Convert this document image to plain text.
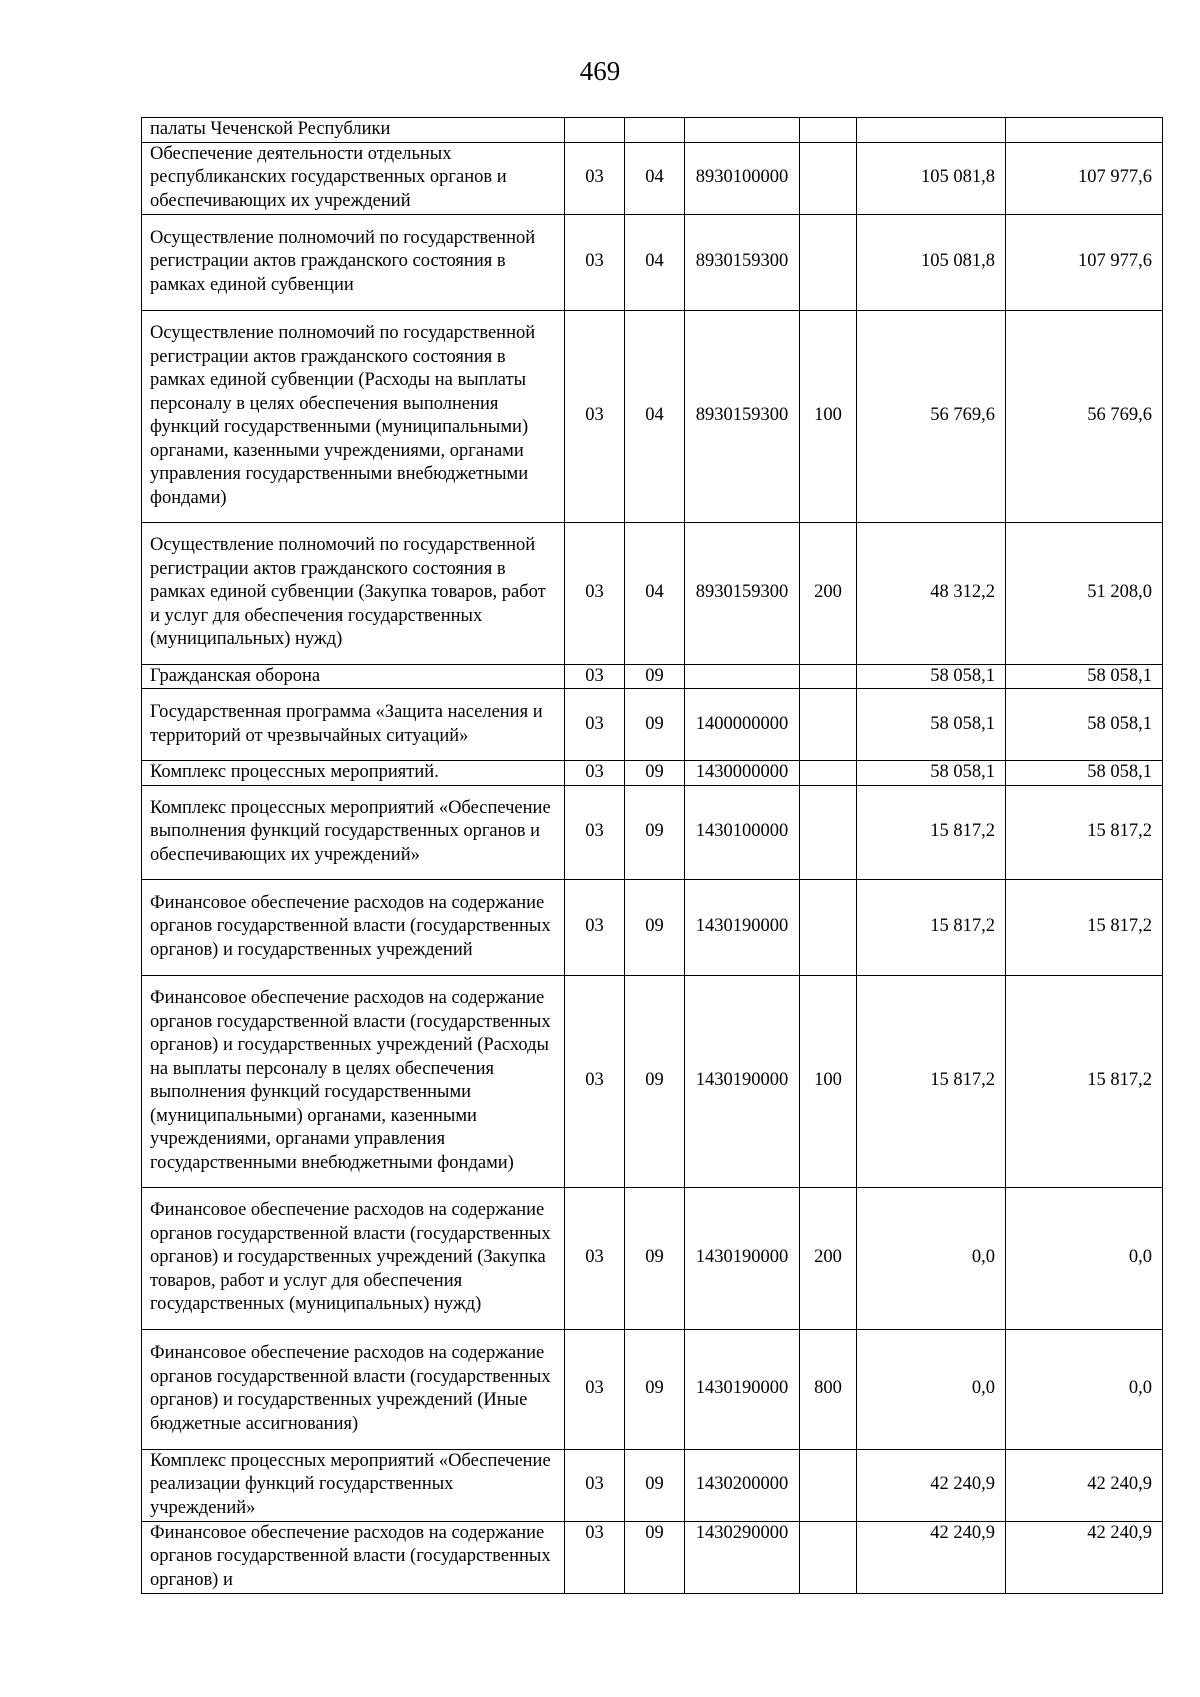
469
палаты Чеченской Республики						
Обеспечение деятельности отдельных республиканских государственных органов и обеспечивающих их учреждений	03	04	8930100000		105 081,8	107 977,6
Осуществление полномочий по государственной регистрации актов гражданского состояния в рамках единой субвенции	03	04	8930159300		105 081,8	107 977,6
Осуществление полномочий по государственной регистрации актов гражданского состояния в рамках единой субвенции (Расходы на выплаты персоналу в целях обеспечения выполнения функций государственными (муниципальными) органами, казенными учреждениями, органами управления государственными внебюджетными фондами)	03	04	8930159300	100	56 769,6	56 769,6
Осуществление полномочий по государственной регистрации актов гражданского состояния в рамках единой субвенции (Закупка товаров, работ и услуг для обеспечения государственных (муниципальных) нужд)	03	04	8930159300	200	48 312,2	51 208,0
Гражданская оборона	03	09			58 058,1	58 058,1
Государственная программа «Защита населения и территорий от чрезвычайных ситуаций»	03	09	1400000000		58 058,1	58 058,1
Комплекс процессных мероприятий.	03	09	1430000000		58 058,1	58 058,1
Комплекс процессных мероприятий «Обеспечение выполнения функций государственных органов и обеспечивающих их учреждений»	03	09	1430100000		15 817,2	15 817,2
Финансовое обеспечение расходов на содержание органов государственной власти (государственных органов) и государственных учреждений	03	09	1430190000		15 817,2	15 817,2
Финансовое обеспечение расходов на содержание органов государственной власти (государственных органов) и государственных учреждений (Расходы на выплаты персоналу в целях обеспечения выполнения функций государственными (муниципальными) органами, казенными учреждениями, органами управления государственными внебюджетными фондами)	03	09	1430190000	100	15 817,2	15 817,2
Финансовое обеспечение расходов на содержание органов государственной власти (государственных органов) и государственных учреждений (Закупка товаров, работ и услуг для обеспечения государственных (муниципальных) нужд)	03	09	1430190000	200	0,0	0,0
Финансовое обеспечение расходов на содержание органов государственной власти (государственных органов) и государственных учреждений (Иные бюджетные ассигнования)	03	09	1430190000	800	0,0	0,0
Комплекс процессных мероприятий «Обеспечение реализации функций государственных учреждений»	03	09	1430200000		42 240,9	42 240,9
Финансовое обеспечение расходов на содержание органов государственной власти (государственных органов) и	03	09	1430290000		42 240,9	42 240,9
